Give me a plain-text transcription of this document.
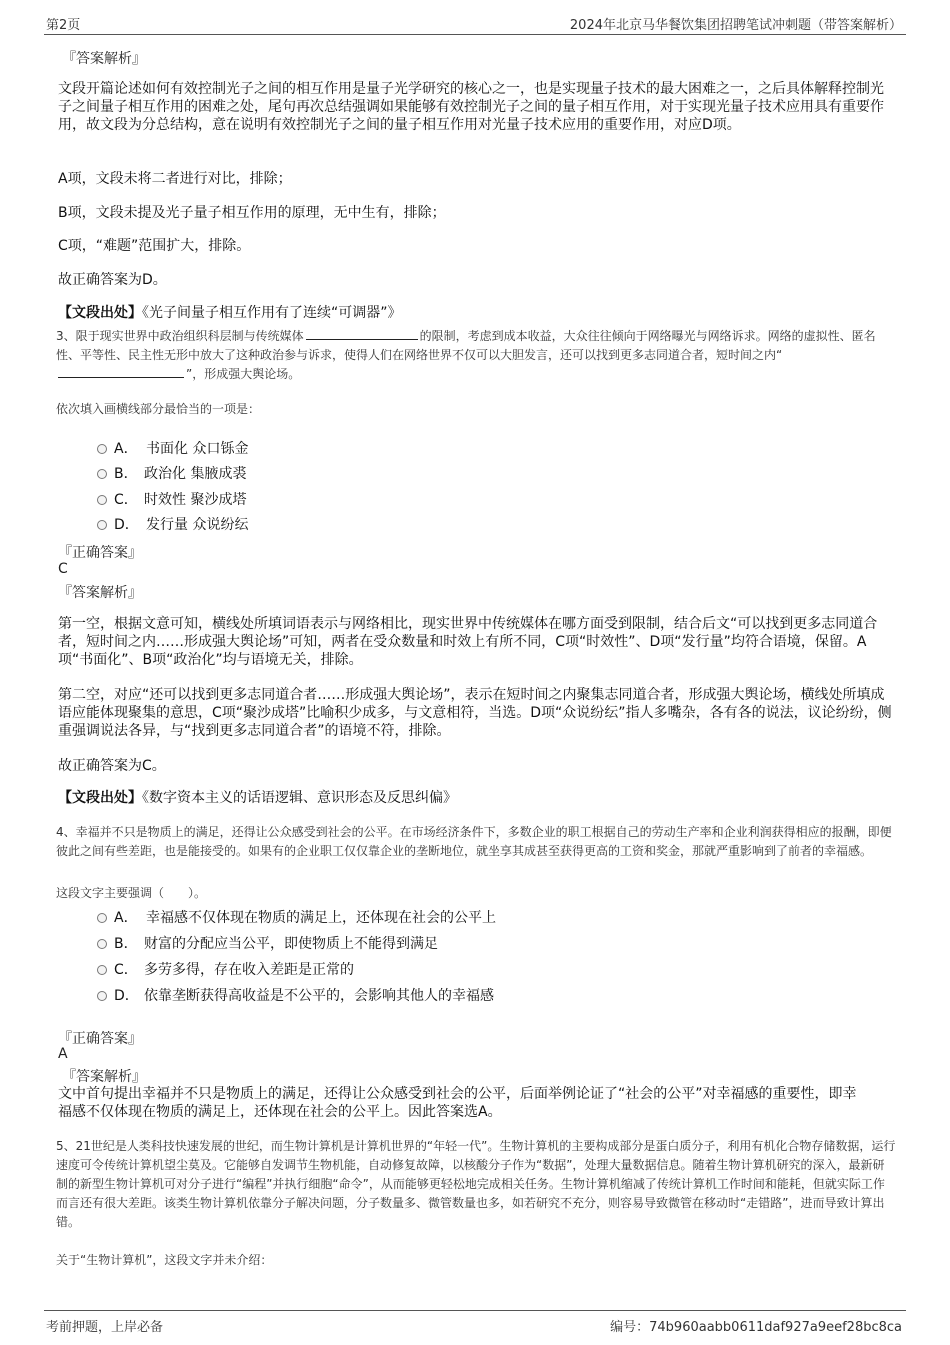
第2页	2024年北京马华餐饮集团招聘笔试冲刺题（带答案解析）
『答案解析』

文段开篇论述如何有效控制光子之间的相互作用是量子光学研究的核心之一，也是实现量子技术的最大困难之一，之后具体解释控制光子之间量子相互作用的困难之处，尾句再次总结强调如果能够有效控制光子之间的量子相互作用，对于实现光量子技术应用具有重要作用，故文段为分总结构，意在说明有效控制光子之间的量子相互作用对光量子技术应用的重要作用，对应D项。

A项，文段未将二者进行对比，排除；

B项，文段未提及光子量子相互作用的原理，无中生有，排除；

C项，“难题”范围扩大，排除。

故正确答案为D。

【文段出处】《光子间量子相互作用有了连续“可调器”》

3、限于现实世界中政治组织科层制与传统媒体	的限制，考虑到成本收益，大众往往倾向于网络曝光与网络诉求。网络的虚拟性、匿名性、平等性、民主性无形中放大了这种政治参与诉求，使得人们在网络世界不仅可以大胆发言，还可以找到更多志同道合者，短时间之内“”，形成强大舆论场。

依次填入画横线部分最恰当的一项是：

A． 书面化 众口铄金
B． 政治化 集腋成裘
C． 时效性 聚沙成塔
D． 发行量 众说纷纭
『正确答案』
C
『答案解析』

第一空，根据文意可知，横线处所填词语表示与网络相比，现实世界中传统媒体在哪方面受到限制，结合后文“可以找到更多志同道合者，短时间之内……形成强大舆论场”可知，两者在受众数量和时效上有所不同，C项“时效性”、D项“发行量”均符合语境，保留。A项“书面化”、B项“政治化”均与语境无关，排除。

第二空，对应“还可以找到更多志同道合者……形成强大舆论场”，表示在短时间之内聚集志同道合者，形成强大舆论场，横线处所填成语应能体现聚集的意思，C项“聚沙成塔”比喻积少成多，与文意相符，当选。D项“众说纷纭”指人多嘴杂，各有各的说法，议论纷纷，侧重强调说法各异，与“找到更多志同道合者”的语境不符，排除。

故正确答案为C。

【文段出处】《数字资本主义的话语逻辑、意识形态及反思纠偏》

4、幸福并不只是物质上的满足，还得让公众感受到社会的公平。在市场经济条件下，多数企业的职工根据自己的劳动生产率和企业利润获得相应的报酬，即便彼此之间有些差距，也是能接受的。如果有的企业职工仅仅靠企业的垄断地位，就坐享其成甚至获得更高的工资和奖金，那就严重影响到了前者的幸福感。

这段文字主要强调（　　）。

A． 幸福感不仅体现在物质的满足上，还体现在社会的公平上
B． 财富的分配应当公平，即使物质上不能得到满足
C． 多劳多得，存在收入差距是正常的
D． 依靠垄断获得高收益是不公平的，会影响其他人的幸福感
『正确答案』
A
『答案解析』

文中首句提出幸福并不只是物质上的满足，还得让公众感受到社会的公平，后面举例论证了“社会的公平”对幸福感的重要性，即幸福感不仅体现在物质的满足上，还体现在社会的公平上。因此答案选A。

5、21世纪是人类科技快速发展的世纪，而生物计算机是计算机世界的“年轻一代”。生物计算机的主要构成部分是蛋白质分子，利用有机化合物存储数据，运行速度可令传统计算机望尘莫及。它能够自发调节生物机能，自动修复故障，以核酸分子作为“数据”，处理大量数据信息。随着生物计算机研究的深入，最新研制的新型生物计算机可对分子进行“编程”并执行细胞“命令”，从而能够更轻松地完成相关任务。生物计算机缩减了传统计算机工作时间和能耗，但就实际工作而言还有很大差距。该类生物计算机依靠分子解决问题，分子数量多、微管数量也多，如若研究不充分，则容易导致微管在移动时“走错路”，进而导致计算出错。

关于“生物计算机”，这段文字并未介绍：

考前押题，上岸必备	编号：74b960aabb0611daf927a9eef28bc8ca
